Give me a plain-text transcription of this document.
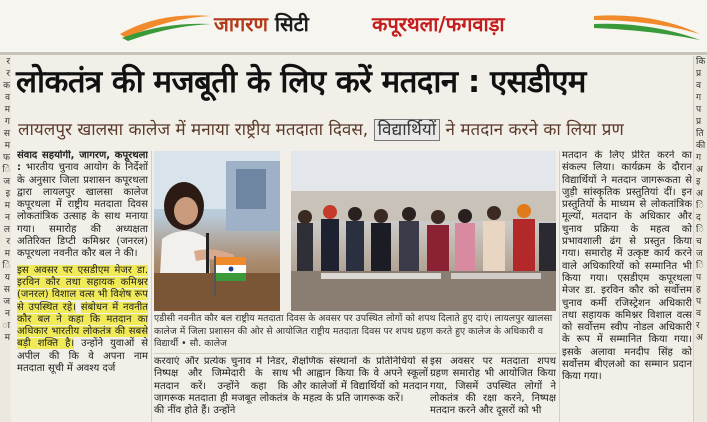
जागरण सिटी	कपूरथला/फगवाड़ा
र
र
क
व
म
ग
स
म
फ
ि
ज
इ
म
न
ल
र
म
ि
य
स
ज
न
ा
म
कि
प्र
व
ग
प
प्र
ति
की
ग
अ
इ
अ
ि
द
ि
च
ज
ि
प
ह
प
व
र
अ
लोकतंत्र की मजबूती के लिए करें मतदान : एसडीएम
लायलपुर खालसा कालेज में मनाया राष्ट्रीय मतदाता दिवस, विद्यार्थियों ने मतदान करने का लिया प्रण

संवाद सहयोगी, जागरण, कपूरथला : भारतीय चुनाव आयोग के निर्देशों के अनुसार जिला प्रशासन कपूरथला द्वारा लायलपुर खालसा कालेज कपूरथला में राष्ट्रीय मतदाता दिवस लोकतांत्रिक उत्साह के साथ मनाया गया। समारोह की अध्यक्षता अतिरिक्त डिप्टी कमिश्नर (जनरल) कपूरथला नवनीत कौर बल ने की।

इस अवसर पर एसडीएम मेजर डा. इरविन कौर तथा सहायक कमिश्नर (जनरल) विशाल वत्स भी विशेष रूप से उपस्थित रहे। संबोधन में नवनीत कौर बल ने कहा कि मतदान का अधिकार भारतीय लोकतंत्र की सबसे बड़ी शक्ति है। उन्होंने युवाओं से अपील की कि वे अपना नाम मतदाता सूची में अवश्य दर्ज

एडीसी नवनीत कौर बल राष्ट्रीय मतदाता दिवस के अवसर पर उपस्थित लोगों को शपथ दिलाते हुए दाएं। लायलपुर खालसा कालेज में जिला प्रशासन की ओर से आयोजित राष्ट्रीय मतदाता दिवस पर शपथ ग्रहण करते हुए कालेज के अधिकारी व विद्यार्थी • सौ. कालेज
करवाएं और प्रत्येक चुनाव में निडर, निष्पक्ष और जिम्मेदारी के साथ मतदान करें। उन्होंने कहा कि जागरूक मतदाता ही मजबूत लोकतंत्र की नींव होते हैं। उन्होंने
शैक्षणिक संस्थानों के प्रतिनिधियों से भी आह्वान किया कि वे अपने स्कूलों और कालेजों में विद्यार्थियों को मतदान के महत्व के प्रति जागरूक करें।
इस अवसर पर मतदाता शपथ ग्रहण समारोह भी आयोजित किया गया, जिसमें उपस्थित लोगों ने लोकतंत्र की रक्षा करने, निष्पक्ष मतदान करने और दूसरों को भी
मतदान के लिए प्रेरित करने का संकल्प लिया। कार्यक्रम के दौरान विद्यार्थियों ने मतदान जागरूकता से जुड़ी सांस्कृतिक प्रस्तुतियां दीं। इन प्रस्तुतियों के माध्यम से लोकतांत्रिक मूल्यों, मतदान के अधिकार और चुनाव प्रक्रिया के महत्व को प्रभावशाली ढंग से प्रस्तुत किया गया। समारोह में उत्कृष्ट कार्य करने वाले अधिकारियों को सम्मानित भी किया गया। एसडीएम कपूरथला मेजर डा. इरविन कौर को सर्वोत्तम चुनाव कर्मी रजिस्ट्रेशन अधिकारी तथा सहायक कमिश्नर विशाल वत्स को सर्वोत्तम स्वीप नोडल अधिकारी के रूप में सम्मानित किया गया। इसके अलावा मनदीप सिंह को सर्वोत्तम बीएलओ का सम्मान प्रदान किया गया।
